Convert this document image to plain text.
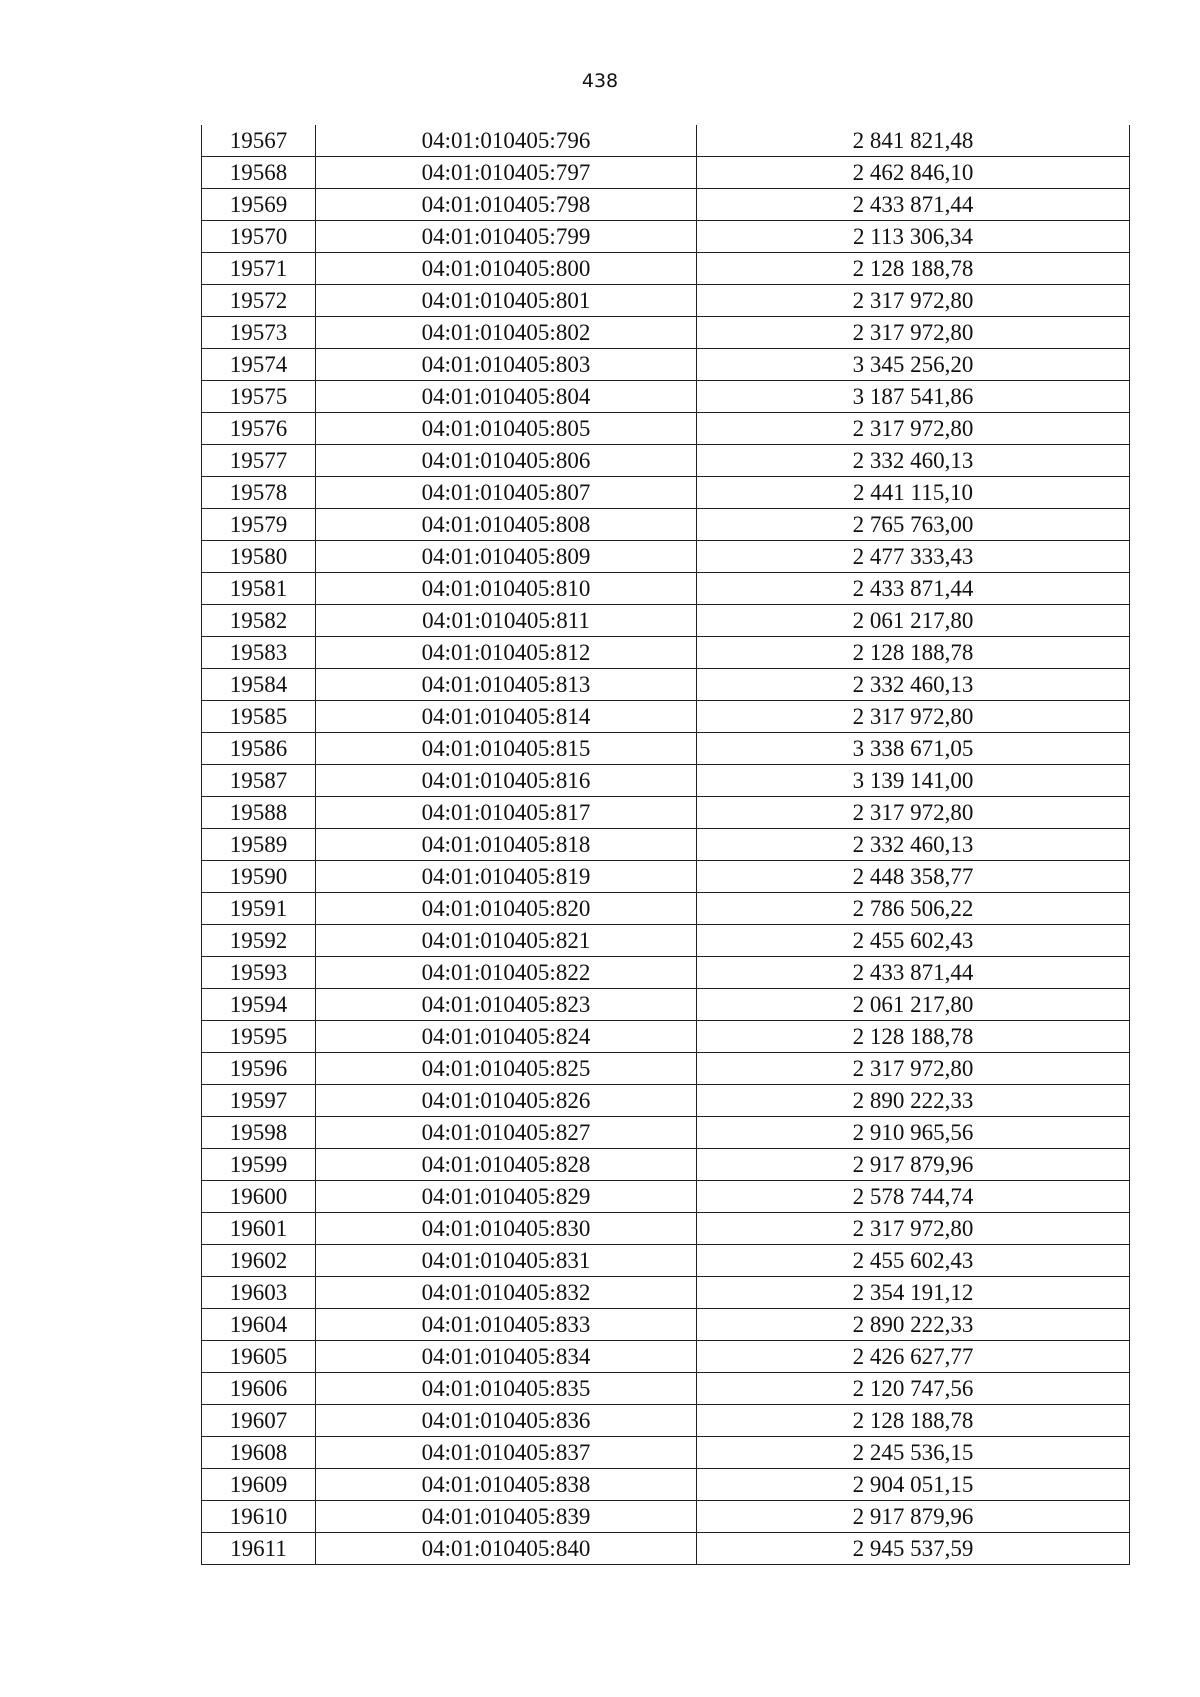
438
19567	04:01:010405:796	2 841 821,48
19568	04:01:010405:797	2 462 846,10
19569	04:01:010405:798	2 433 871,44
19570	04:01:010405:799	2 113 306,34
19571	04:01:010405:800	2 128 188,78
19572	04:01:010405:801	2 317 972,80
19573	04:01:010405:802	2 317 972,80
19574	04:01:010405:803	3 345 256,20
19575	04:01:010405:804	3 187 541,86
19576	04:01:010405:805	2 317 972,80
19577	04:01:010405:806	2 332 460,13
19578	04:01:010405:807	2 441 115,10
19579	04:01:010405:808	2 765 763,00
19580	04:01:010405:809	2 477 333,43
19581	04:01:010405:810	2 433 871,44
19582	04:01:010405:811	2 061 217,80
19583	04:01:010405:812	2 128 188,78
19584	04:01:010405:813	2 332 460,13
19585	04:01:010405:814	2 317 972,80
19586	04:01:010405:815	3 338 671,05
19587	04:01:010405:816	3 139 141,00
19588	04:01:010405:817	2 317 972,80
19589	04:01:010405:818	2 332 460,13
19590	04:01:010405:819	2 448 358,77
19591	04:01:010405:820	2 786 506,22
19592	04:01:010405:821	2 455 602,43
19593	04:01:010405:822	2 433 871,44
19594	04:01:010405:823	2 061 217,80
19595	04:01:010405:824	2 128 188,78
19596	04:01:010405:825	2 317 972,80
19597	04:01:010405:826	2 890 222,33
19598	04:01:010405:827	2 910 965,56
19599	04:01:010405:828	2 917 879,96
19600	04:01:010405:829	2 578 744,74
19601	04:01:010405:830	2 317 972,80
19602	04:01:010405:831	2 455 602,43
19603	04:01:010405:832	2 354 191,12
19604	04:01:010405:833	2 890 222,33
19605	04:01:010405:834	2 426 627,77
19606	04:01:010405:835	2 120 747,56
19607	04:01:010405:836	2 128 188,78
19608	04:01:010405:837	2 245 536,15
19609	04:01:010405:838	2 904 051,15
19610	04:01:010405:839	2 917 879,96
19611	04:01:010405:840	2 945 537,59
